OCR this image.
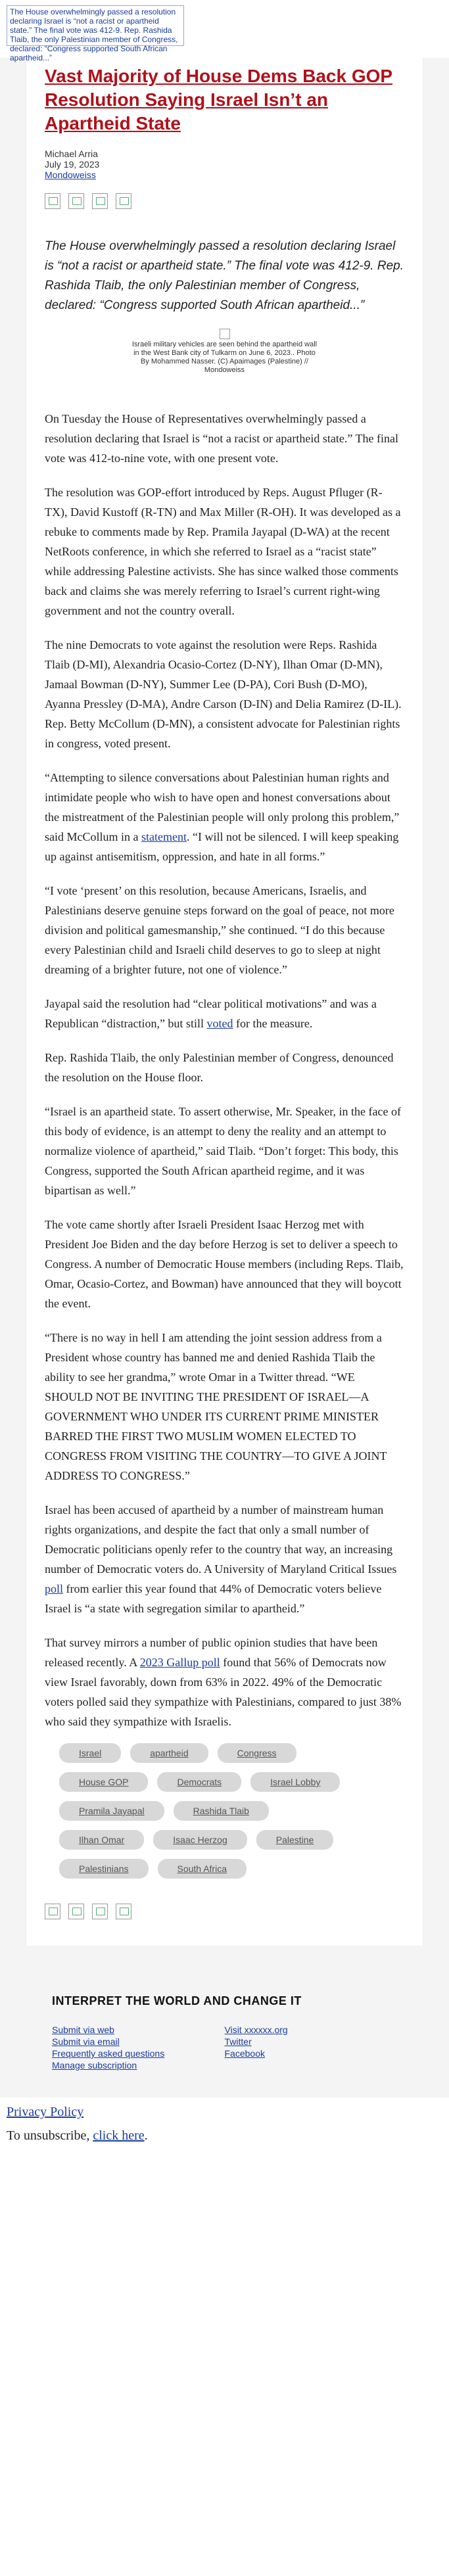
The House overwhelmingly passed a resolution declaring Israel is “not a racist or apartheid state.” The final vote was 412-9. Rep. Rashida Tlaib, the only Palestinian member of Congress, declared: “Congress supported South African apartheid...”
Vast Majority of House Dems Back GOP Resolution Saying Israel Isn’t an Apartheid State
Michael Arria
July 19, 2023
Mondoweiss
The House overwhelmingly passed a resolution declaring Israel is “not a racist or apartheid state.” The final vote was 412-9. Rep. Rashida Tlaib, the only Palestinian member of Congress, declared: “Congress supported South African apartheid...”
Israeli military vehicles are seen behind the apartheid wall in the West Bank city of Tulkarm on June 6, 2023.. Photo By Mohammed Nasser. (C) Apaimages (Palestine) // Mondoweiss

On Tuesday the House of Representatives overwhelmingly passed a resolution declaring that Israel is “not a racist or apartheid state.” The final vote was 412-to-nine vote, with one present vote.

The resolution was GOP-effort introduced by Reps. August Pfluger (R-TX), David Kustoff (R-TN) and Max Miller (R-OH). It was developed as a rebuke to comments made by Rep. Pramila Jayapal (D-WA) at the recent NetRoots conference, in which she referred to Israel as a “racist state” while addressing Palestine activists. She has since walked those comments back and claims she was merely referring to Israel’s current right-wing government and not the country overall.

The nine Democrats to vote against the resolution were Reps. Rashida Tlaib (D-MI), Alexandria Ocasio-Cortez (D-NY), Ilhan Omar (D-MN), Jamaal Bowman (D-NY), Summer Lee (D-PA), Cori Bush (D-MO), Ayanna Pressley (D-MA), Andre Carson (D-IN) and Delia Ramirez (D-IL). Rep. Betty McCollum (D-MN), a consistent advocate for Palestinian rights in congress, voted present.

“Attempting to silence conversations about Palestinian human rights and intimidate people who wish to have open and honest conversations about the mistreatment of the Palestinian people will only prolong this problem,” said McCollum in a statement. “I will not be silenced. I will keep speaking up against antisemitism, oppression, and hate in all forms.”

“I vote ‘present’ on this resolution, because Americans, Israelis, and Palestinians deserve genuine steps forward on the goal of peace, not more division and political gamesmanship,” she continued. “I do this because every Palestinian child and Israeli child deserves to go to sleep at night dreaming of a brighter future, not one of violence.”

Jayapal said the resolution had “clear political motivations” and was a Republican “distraction,” but still voted for the measure.

Rep. Rashida Tlaib, the only Palestinian member of Congress, denounced the resolution on the House floor.

“Israel is an apartheid state. To assert otherwise, Mr. Speaker, in the face of this body of evidence, is an attempt to deny the reality and an attempt to normalize violence of apartheid,” said Tlaib. “Don’t forget: This body, this Congress, supported the South African apartheid regime, and it was bipartisan as well.”

The vote came shortly after Israeli President Isaac Herzog met with President Joe Biden and the day before Herzog is set to deliver a speech to Congress. A number of Democratic House members (including Reps. Tlaib, Omar, Ocasio-Cortez, and Bowman) have announced that they will boycott the event.

“There is no way in hell I am attending the joint session address from a President whose country has banned me and denied Rashida Tlaib the ability to see her grandma,” wrote Omar in a Twitter thread. “WE SHOULD NOT BE INVITING THE PRESIDENT OF ISRAEL—A GOVERNMENT WHO UNDER ITS CURRENT PRIME MINISTER BARRED THE FIRST TWO MUSLIM WOMEN ELECTED TO CONGRESS FROM VISITING THE COUNTRY—TO GIVE A JOINT ADDRESS TO CONGRESS.”

Israel has been accused of apartheid by a number of mainstream human rights organizations, and despite the fact that only a small number of Democratic politicians openly refer to the country that way, an increasing number of Democratic voters do. A University of Maryland Critical Issues poll from earlier this year found that 44% of Democratic voters believe Israel is “a state with segregation similar to apartheid.”

That survey mirrors a number of public opinion studies that have been released recently. A 2023 Gallup poll found that 56% of Democrats now view Israel favorably, down from 63% in 2022. 49% of the Democratic voters polled said they sympathize with Palestinians, compared to just 38% who said they sympathize with Israelis.

Israel	apartheid	Congress
House GOP	Democrats	Israel Lobby
Pramila Jayapal	Rashida Tlaib
Ilhan Omar	Isaac Herzog	Palestine
Palestinians	South Africa
INTERPRET THE WORLD AND CHANGE IT
Submit via web
Submit via email
Frequently asked questions
Manage subscription
Visit xxxxxx.org
Twitter
Facebook
Privacy Policy

To unsubscribe, click here.
